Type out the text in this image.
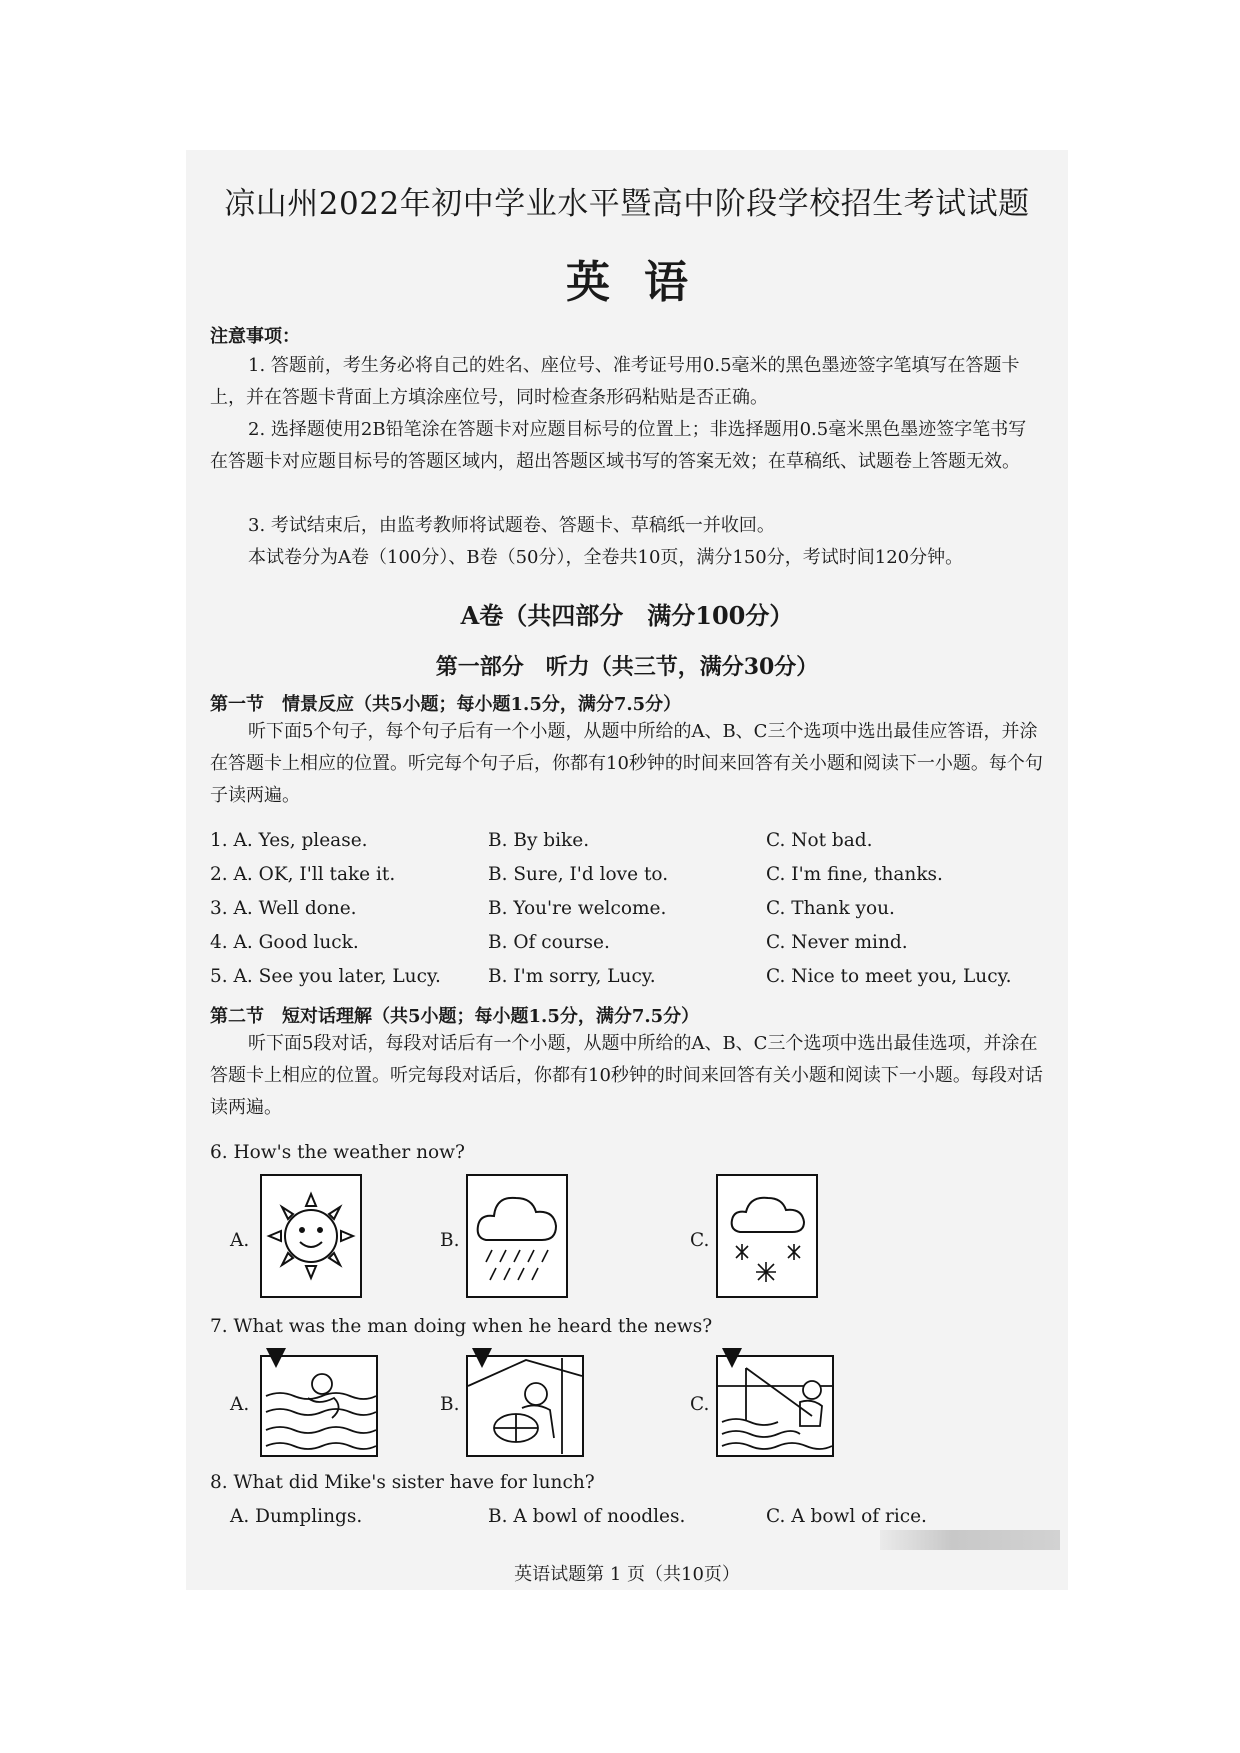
凉山州2022年初中学业水平暨高中阶段学校招生考试试题
英语
注意事项：
1. 答题前，考生务必将自己的姓名、座位号、准考证号用0.5毫米的黑色墨迹签字笔填写在答题卡上，并在答题卡背面上方填涂座位号，同时检查条形码粘贴是否正确。
2. 选择题使用2B铅笔涂在答题卡对应题目标号的位置上；非选择题用0.5毫米黑色墨迹签字笔书写在答题卡对应题目标号的答题区域内，超出答题区域书写的答案无效；在草稿纸、试题卷上答题无效。
3. 考试结束后，由监考教师将试题卷、答题卡、草稿纸一并收回。
本试卷分为A卷（100分）、B卷（50分），全卷共10页，满分150分，考试时间120分钟。
A卷（共四部分　满分100分）
第一部分　听力（共三节，满分30分）
第一节　情景反应（共5小题；每小题1.5分，满分7.5分）
听下面5个句子，每个句子后有一个小题，从题中所给的A、B、C三个选项中选出最佳应答语，并涂在答题卡上相应的位置。听完每个句子后，你都有10秒钟的时间来回答有关小题和阅读下一小题。每个句子读两遍。
1. A. Yes, please.	B. By bike.	C. Not bad.
2. A. OK, I'll take it.	B. Sure, I'd love to.	C. I'm fine, thanks.
3. A. Well done.	B. You're welcome.	C. Thank you.
4. A. Good luck.	B. Of course.	C. Never mind.
5. A. See you later, Lucy.	B. I'm sorry, Lucy.	C. Nice to meet you, Lucy.
第二节　短对话理解（共5小题；每小题1.5分，满分7.5分）
听下面5段对话，每段对话后有一个小题，从题中所给的A、B、C三个选项中选出最佳选项，并涂在答题卡上相应的位置。听完每段对话后，你都有10秒钟的时间来回答有关小题和阅读下一小题。每段对话读两遍。
6. How's the weather now?
A.	B.	C.
7. What was the man doing when he heard the news?
A.	B.	C.
8. What did Mike's sister have for lunch?
A. Dumplings.	B. A bowl of noodles.	C. A bowl of rice.
英语试题第 1 页（共10页）
